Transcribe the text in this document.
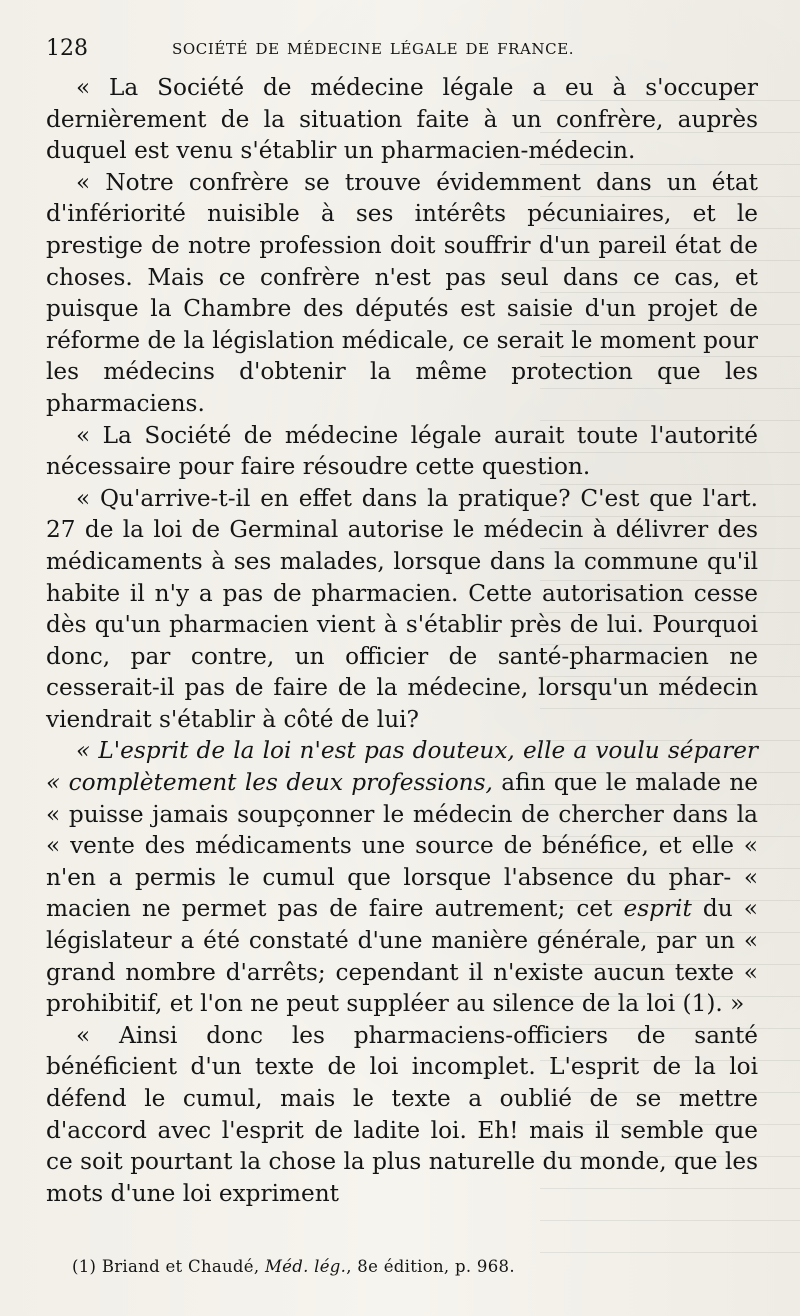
128	SOCIÉTÉ DE MÉDECINE LÉGALE DE FRANCE.

« La Société de médecine légale a eu à s'occuper dernièrement de la situation faite à un confrère, auprès duquel est venu s'établir un pharmacien-médecin.

« Notre confrère se trouve évidemment dans un état d'infériorité nuisible à ses intérêts pécuniaires, et le prestige de notre profession doit souffrir d'un pareil état de choses. Mais ce confrère n'est pas seul dans ce cas, et puisque la Chambre des députés est saisie d'un projet de réforme de la législation médicale, ce serait le moment pour les médecins d'obtenir la même protection que les pharmaciens.

« La Société de médecine légale aurait toute l'autorité nécessaire pour faire résoudre cette question.

« Qu'arrive-t-il en effet dans la pratique? C'est que l'art. 27 de la loi de Germinal autorise le médecin à délivrer des médicaments à ses malades, lorsque dans la commune qu'il habite il n'y a pas de pharmacien. Cette autorisation cesse dès qu'un pharmacien vient à s'établir près de lui. Pourquoi donc, par contre, un officier de santé-pharmacien ne cesserait-il pas de faire de la médecine, lorsqu'un médecin viendrait s'établir à côté de lui?

« L'esprit de la loi n'est pas douteux, elle a voulu séparer « complètement les deux professions, afin que le malade ne « puisse jamais soupçonner le médecin de chercher dans la « vente des médicaments une source de bénéfice, et elle « n'en a permis le cumul que lorsque l'absence du phar- « macien ne permet pas de faire autrement; cet esprit du « législateur a été constaté d'une manière générale, par un « grand nombre d'arrêts; cependant il n'existe aucun texte « prohibitif, et l'on ne peut suppléer au silence de la loi (1). »

« Ainsi donc les pharmaciens-officiers de santé bénéficient d'un texte de loi incomplet. L'esprit de la loi défend le cumul, mais le texte a oublié de se mettre d'accord avec l'esprit de ladite loi. Eh! mais il semble que ce soit pourtant la chose la plus naturelle du monde, que les mots d'une loi expriment

(1) Briand et Chaudé, Méd. lég., 8e édition, p. 968.
